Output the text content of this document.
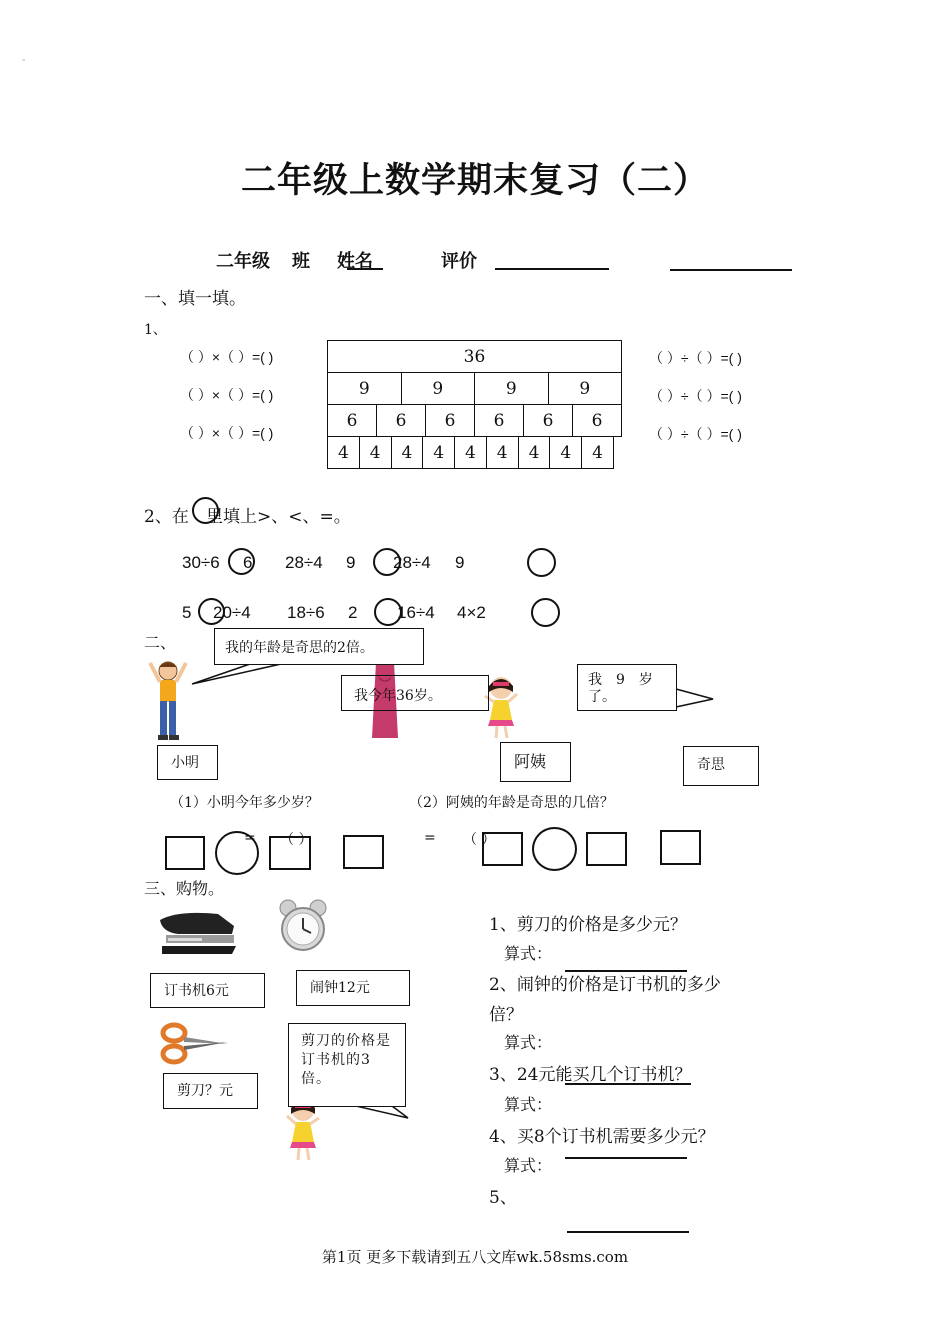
-
二年级上数学期末复习（二）
二年级 班 姓名	评价
一、填一填。
1、
（ ）×（ ）=( )
（ ）×（ ）=( )
（ ）×（ ）=( )
（ ）÷（ ）=( )
（ ）÷（ ）=( )
（ ）÷（ ）=( )
36
9	9	9	9
6	6	6	6	6	6
4	4	4	4	4	4	4	4	4
2、在 里填上>、<、=。
30÷6 6 28÷4 9 28÷4 9
5 20÷4 18÷6 2 16÷4 4×2
二、	我的年龄是奇思的2倍。
我今年36岁。
我　9　岁了。
小明	阿姨	奇思
（1）小明今年多少岁？	（2）阿姨的年龄是奇思的几倍？
= （ ）	= （ ）
三、购物。
订书机6元	闹钟12元
剪刀？元
剪刀的价格是订书机的3倍。
1、剪刀的价格是多少元？
算式：
2、闹钟的价格是订书机的多少
倍？
算式：
3、24元能买几个订书机？
算式：
4、买8个订书机需要多少元？
算式：
5、
第1页 更多下载请到五八文库wk.58sms.com
